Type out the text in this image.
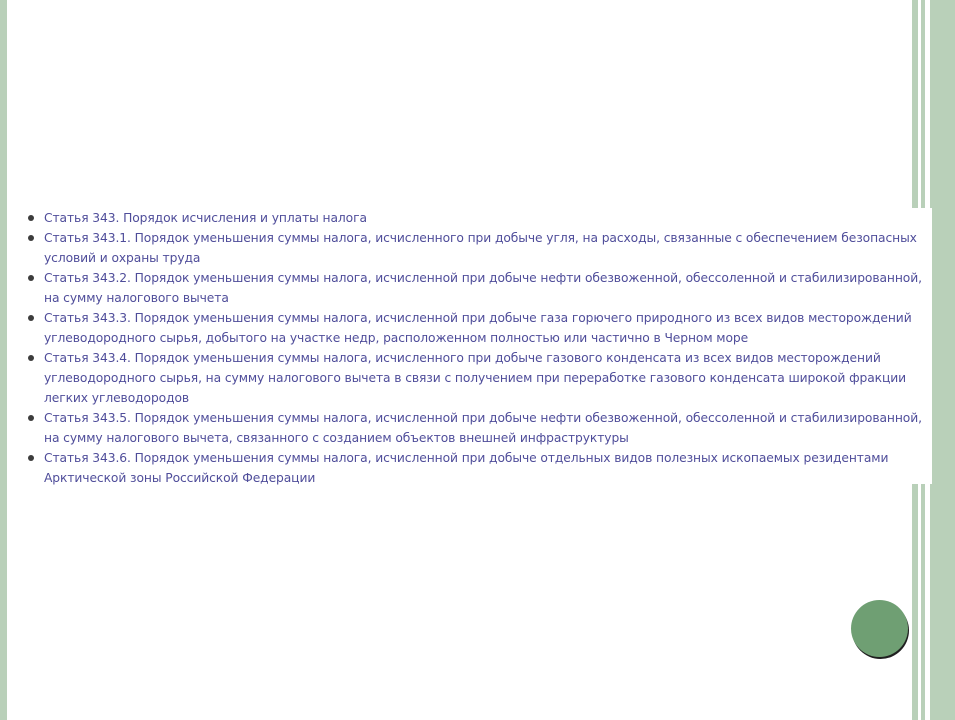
Статья 343. Порядок исчисления и уплаты налога
Статья 343.1. Порядок уменьшения суммы налога, исчисленного при добыче угля, на расходы, связанные с обеспечением безопасных условий и охраны труда
Статья 343.2. Порядок уменьшения суммы налога, исчисленной при добыче нефти обезвоженной, обессоленной и стабилизированной, на сумму налогового вычета
Статья 343.3. Порядок уменьшения суммы налога, исчисленной при добыче газа горючего природного из всех видов месторождений углеводородного сырья, добытого на участке недр, расположенном полностью или частично в Черном море
Статья 343.4. Порядок уменьшения суммы налога, исчисленного при добыче газового конденсата из всех видов месторождений углеводородного сырья, на сумму налогового вычета в связи с получением при переработке газового конденсата широкой фракции легких углеводородов
Статья 343.5. Порядок уменьшения суммы налога, исчисленной при добыче нефти обезвоженной, обессоленной и стабилизированной, на сумму налогового вычета, связанного с созданием объектов внешней инфраструктуры
Статья 343.6. Порядок уменьшения суммы налога, исчисленной при добыче отдельных видов полезных ископаемых резидентами Арктической зоны Российской Федерации
